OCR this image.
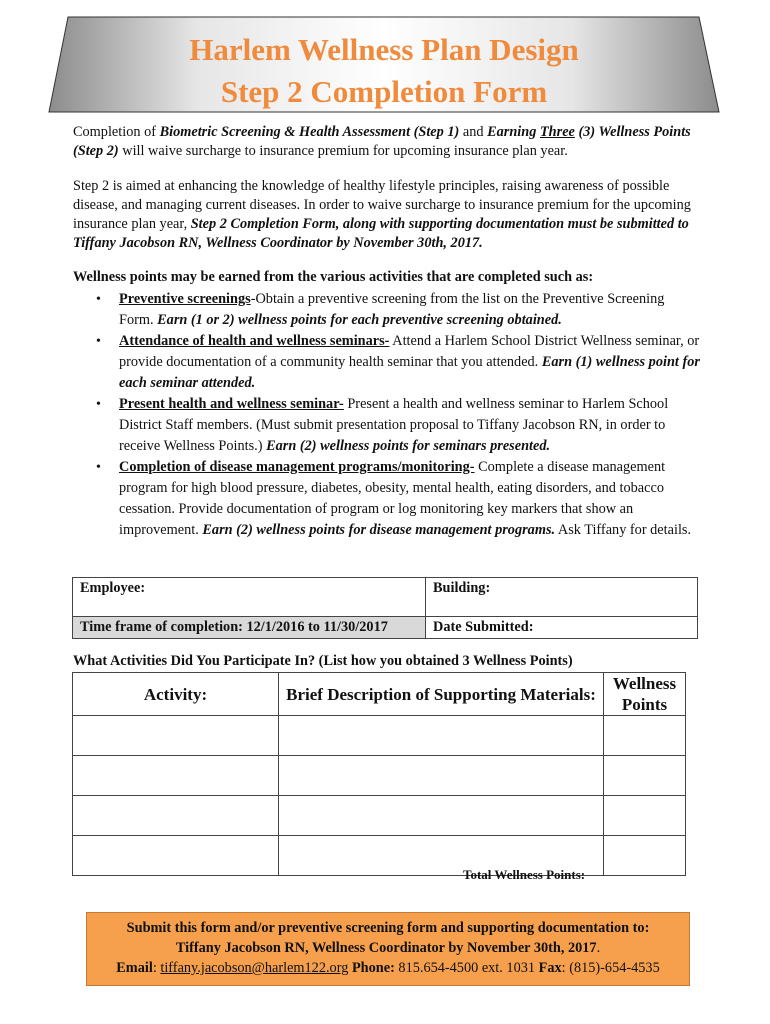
Harlem Wellness Plan Design
Step 2 Completion Form

Completion of Biometric Screening & Health Assessment (Step 1) and Earning Three (3) Wellness Points (Step 2) will waive surcharge to insurance premium for upcoming insurance plan year.

Step 2 is aimed at enhancing the knowledge of healthy lifestyle principles, raising awareness of possible disease, and managing current diseases. In order to waive surcharge to insurance premium for the upcoming insurance plan year, Step 2 Completion Form, along with supporting documentation must be submitted to Tiffany Jacobson RN, Wellness Coordinator by November 30th, 2017.

Wellness points may be earned from the various activities that are completed such as:

• Preventive screenings-Obtain a preventive screening from the list on the Preventive Screening Form. Earn (1 or 2) wellness points for each preventive screening obtained.
• Attendance of health and wellness seminars- Attend a Harlem School District Wellness seminar, or provide documentation of a community health seminar that you attended. Earn (1) wellness point for each seminar attended.
• Present health and wellness seminar- Present a health and wellness seminar to Harlem School District Staff members. (Must submit presentation proposal to Tiffany Jacobson RN, in order to receive Wellness Points.) Earn (2) wellness points for seminars presented.
• Completion of disease management programs/monitoring- Complete a disease management program for high blood pressure, diabetes, obesity, mental health, eating disorders, and tobacco cessation. Provide documentation of program or log monitoring key markers that show an improvement. Earn (2) wellness points for disease management programs. Ask Tiffany for details.
Employee:	Building:
Time frame of completion: 12/1/2016 to 11/30/2017	Date Submitted:
What Activities Did You Participate In? (List how you obtained 3 Wellness Points)
Activity:	Brief Description of Supporting Materials:	Wellness Points

Total Wellness Points:
Submit this form and/or preventive screening form and supporting documentation to:
Tiffany Jacobson RN, Wellness Coordinator by November 30th, 2017.
Email: tiffany.jacobson@harlem122.org Phone: 815.654-4500 ext. 1031 Fax: (815)-654-4535
